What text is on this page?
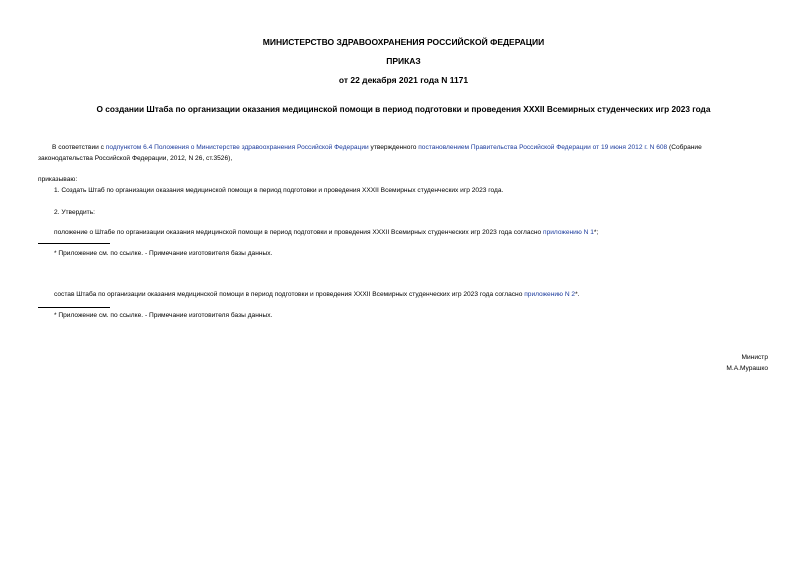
МИНИСТЕРСТВО ЗДРАВООХРАНЕНИЯ РОССИЙСКОЙ ФЕДЕРАЦИИ
ПРИКАЗ
от 22 декабря 2021 года N 1171
О создании Штаба по организации оказания медицинской помощи в период подготовки и проведения XXXII Всемирных студенческих игр 2023 года
В соответствии с подпунктом 6.4 Положения о Министерстве здравоохранения Российской Федерации утвержденного постановлением Правительства Российской Федерации от 19 июня 2012 г. N 608 (Собрание
законодательства Российской Федерации, 2012, N 26, ст.3526),
приказываю:
1. Создать Штаб по организации оказания медицинской помощи в период подготовки и проведения XXXII Всемирных студенческих игр 2023 года.
2. Утвердить:
положение о Штабе по организации оказания медицинской помощи в период подготовки и проведения XXXII Всемирных студенческих игр 2023 года согласно приложению N 1*;
* Приложение см. по ссылке. - Примечание изготовителя базы данных.
состав Штаба по организации оказания медицинской помощи в период подготовки и проведения XXXII Всемирных студенческих игр 2023 года согласно приложению N 2*.
* Приложение см. по ссылке. - Примечание изготовителя базы данных.
Министр
М.А.Мурашко
